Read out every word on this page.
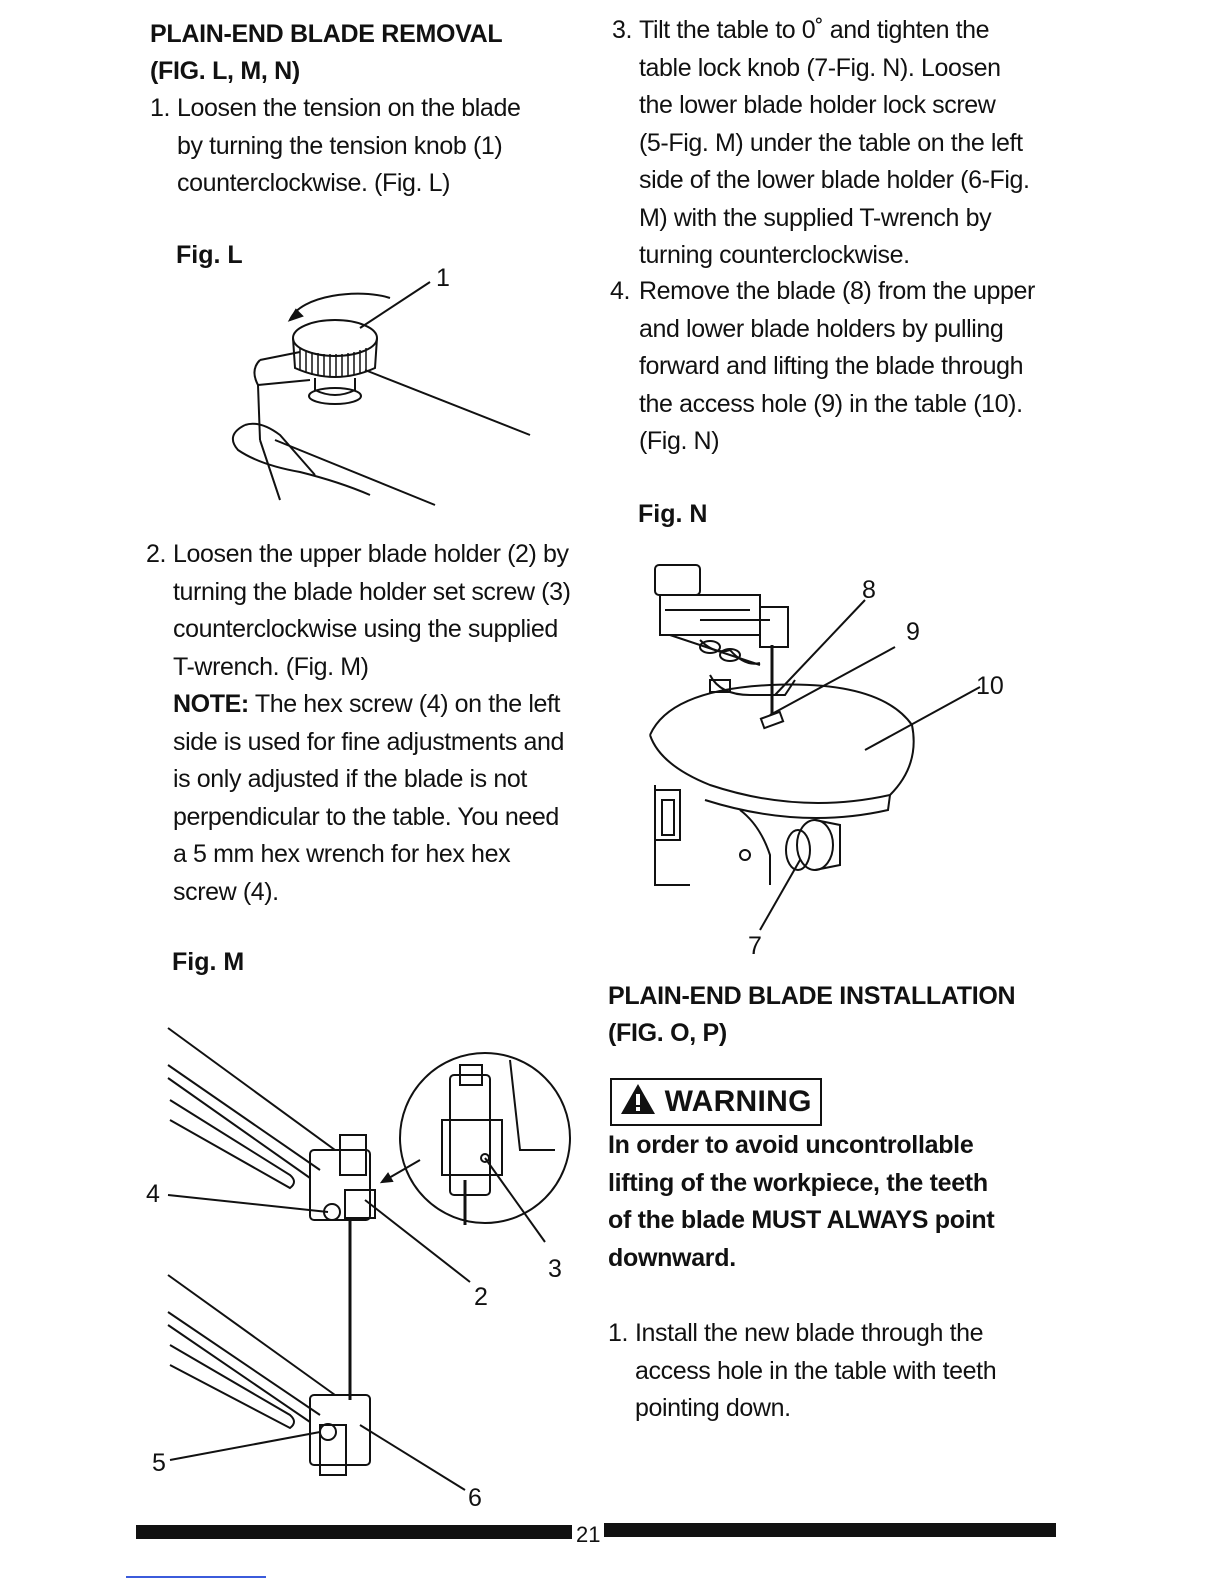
PLAIN-END BLADE REMOVAL
(FIG. L, M, N)
1. Loosen the tension on the blade
by turning the tension knob (1)
counterclockwise. (Fig. L)
Fig. L
1
2. Loosen the upper blade holder (2) by
turning the blade holder set screw (3)
counterclockwise using the supplied
T-wrench. (Fig. M)
NOTE: The hex screw (4) on the left
side is used for fine adjustments and
is only adjusted if the blade is not
perpendicular to the table. You need
a 5 mm hex wrench for hex hex
screw (4).
Fig. M
4
3
2
5
6
3. Tilt the table to 0˚ and tighten the
table lock knob (7-Fig. N). Loosen
the lower blade holder lock screw
(5-Fig. M) under the table on the left
side of the lower blade holder (6-Fig.
M) with the supplied T-wrench by
turning counterclockwise.
4. Remove the blade (8) from the upper
and lower blade holders by pulling
forward and lifting the blade through
the access hole (9) in the table (10).
(Fig. N)
Fig. N
8
9
10
7
PLAIN-END BLADE INSTALLATION
(FIG. O, P)
WARNING
In order to avoid uncontrollable
lifting of the workpiece, the teeth
of the blade MUST ALWAYS point
downward.
1. Install the new blade through the
access hole in the table with teeth
pointing down.
21
